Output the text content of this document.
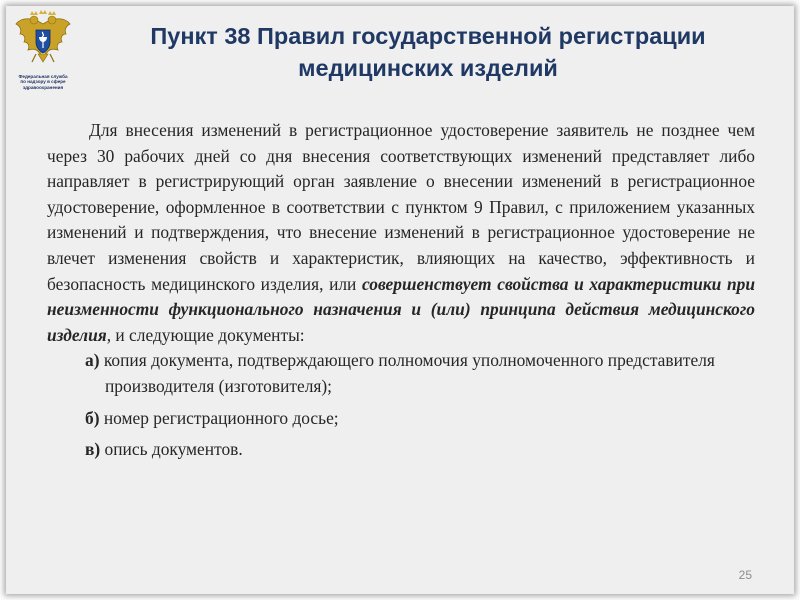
Федеральная служба
по надзору в сфере
здравоохранения
Пункт 38 Правил государственной регистрации
медицинских изделий

Для внесения изменений в регистрационное удостоверение заявитель не позднее чем через 30 рабочих дней со дня внесения соответствующих изменений представляет либо направляет в регистрирующий орган заявление о внесении изменений в регистрационное удостоверение, оформленное в соответствии с пунктом 9 Правил, с приложением указанных изменений и подтверждения, что внесение изменений в регистрационное удостоверение не влечет изменения свойств и характеристик, влияющих на качество, эффективность и безопасность медицинского изделия, или совершенствует свойства и характеристики при неизменности функционального назначения и (или) принципа действия медицинского изделия, и следующие документы:

а) копия документа, подтверждающего полномочия уполномоченного представителя производителя (изготовителя);
б) номер регистрационного досье;
в) опись документов.
25
